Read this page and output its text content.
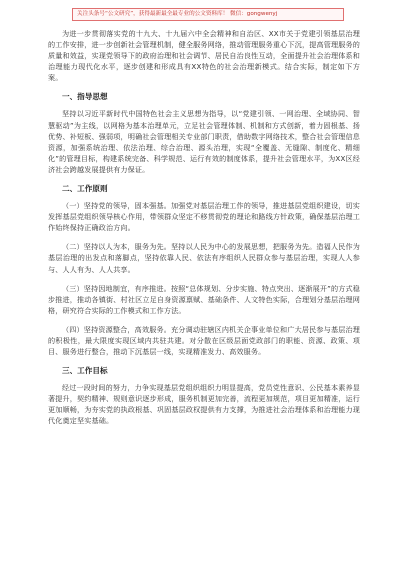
关注头条号“公文研究”，获得最新最全最专业的公文资料库！ 微信：gongwenyj

为进一步贯彻落实党的十九大、十九届六中全会精神和自治区、XX市关于党建引领基层治理的工作安排，进一步创新社会管理机制，健全服务网络，推动管理服务重心下沉，提高管理服务的质量和效益，实现党领导下的政府治理和社会调节、居民自治良性互动，全面提升社会治理体系和治理能力现代化水平，逐步创建和形成具有XX特色的社会治理新模式。结合实际，制定如下方案。

一、指导思想

坚持以习近平新时代中国特色社会主义思想为指导，以“党建引领、一网治理、全域协同、智慧驱动”为主线，以网格为基本治理单元，立足社会管理体制、机制和方式创新，着力固根基、扬优势、补短板、强弱项，明确社会管理相关专业部门职责，借助数字网络技术，整合社会管理信息资源，加强系统治理、依法治理、综合治理、源头治理，实现“全覆盖、无缝隙、制度化、精细化”的管理目标，构建系统完备、科学规范、运行有效的制度体系，提升社会管理水平，为XX区经济社会跨越发展提供有力保证。

二、工作原则

（一）坚持党的领导，固本强基。加强党对基层治理工作的领导，推进基层党组织建设，切实发挥基层党组织领导核心作用，带领群众坚定不移贯彻党的理论和路线方针政策，确保基层治理工作始终保持正确政治方向。

（二）坚持以人为本，服务为先。坚持以人民为中心的发展思想，把服务为先。造福人民作为基层治理的出发点和落脚点，坚持依靠人民、依法有序组织人民群众参与基层治理，实现人人参与、人人有为、人人共享。

（三）坚持因地制宜，有序推进。按照“总体规划、分步实施、特点突出、逐渐展开”的方式稳步推进，推动各镇街、村社区立足自身资源禀赋、基础条件、人文特色实际，合理划分基层治理网格，研究符合实际的工作模式和工作方法。

（四）坚持资源整合，高效服务。充分调动驻辖区内机关企事业单位和广大居民参与基层治理的积极性，最大限度实现区域内共驻共建。对分散在区级层面党政部门的职能、资源、政策、项目、服务进行整合，推动下沉基层一线，实现精准发力、高效服务。

三、工作目标

经过一段时间的努力，力争实现基层党组织组织力明显提高，党员党性意识、公民基本素养显著提升，契约精神、规则意识逐步形成，服务机制更加完善，流程更加规范，项目更加精准，运行更加顺畅，为夯实党的执政根基、巩固基层政权提供有力支撑，为推进社会治理体系和治理能力现代化奠定坚实基础。
